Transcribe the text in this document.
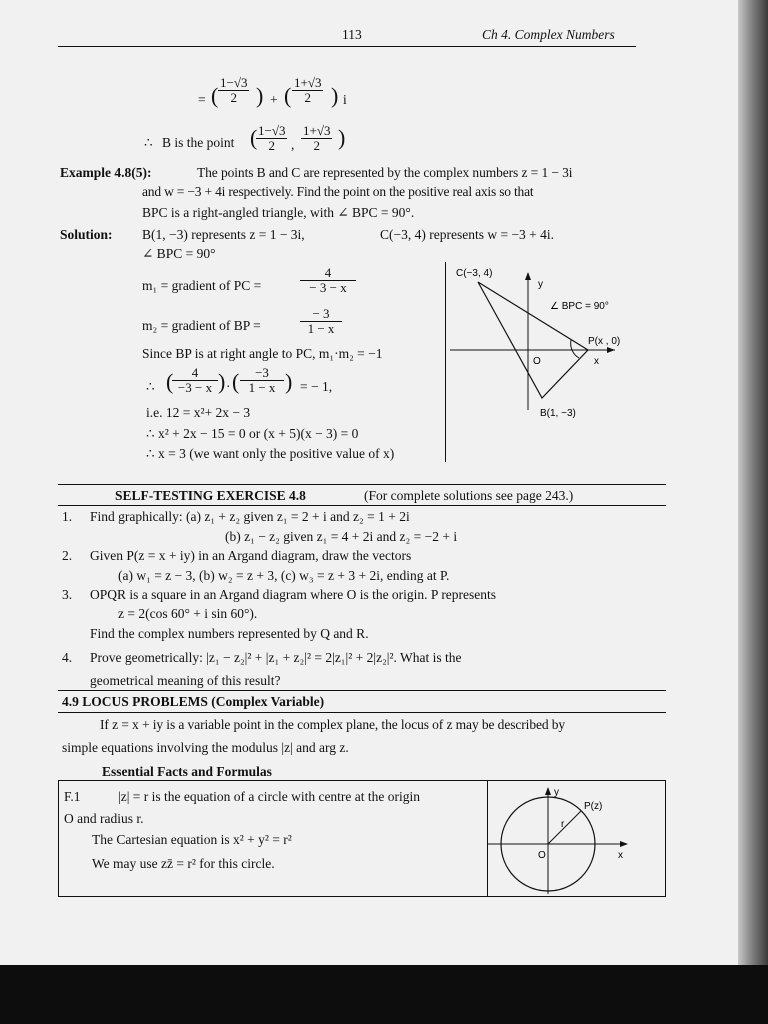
113	Ch 4. Complex Numbers
= ( $\frac{1-√3}{2}$ ) + ( $\frac{1+√3}{2}$ ) i
∴ B is the point (
$\frac{1-√3}{2}$ , $\frac{1+√3}{2}$ )
Example 4.8(5):	The points B and C are represented by the complex numbers z = 1 − 3i
and w = −3 + 4i respectively. Find the point on the positive real axis so that
BPC is a right-angled triangle, with ∠ BPC = 90°.
Solution: B(1, −3) represents z = 1 − 3i,	C(−3, 4) represents w = −3 + 4i.
∠ BPC = 90°
m₁ = gradient of PC =	$\frac{4}{- 3 - x}$
m₂ = gradient of BP =	$\frac{- 3}{1 - x}$
Since BP is at right angle to PC, m₁·m₂ = −1
∴ (
$\frac{4}{-3 - x}$ ) · ( $\frac{-3}{1 - x}$ ) = − 1,
i.e. 12 = x²+ 2x − 3
∴ x² + 2x − 15 = 0 or (x + 5)(x − 3) = 0
∴ x = 3 (we want only the positive value of x)
C(−3, 4)
y
∠ BPC = 90°
P(x , 0)
O	x
B(1, −3)
SELF-TESTING EXERCISE 4.8	(For complete solutions see page 243.)
1. Find graphically: (a) z₁ + z₂ given z₁ = 2 + i and z₂ = 1 + 2i
(b) z₁ − z₂ given z₁ = 4 + 2i and z₂ = −2 + i
2. Given P(z = x + iy) in an Argand diagram, draw the vectors
(a) w₁ = z − 3, (b) w₂ = z + 3, (c) w₃ = z + 3 + 2i, ending at P.
3. OPQR is a square in an Argand diagram where O is the origin. P represents
z = 2(cos 60° + i sin 60°).
Find the complex numbers represented by Q and R.
4. Prove geometrically: |z₁ − z₂|² + |z₁ + z₂|² = 2|z₁|² + 2|z₂|². What is the
geometrical meaning of this result?
4.9 LOCUS PROBLEMS (Complex Variable)
If z = x + iy is a variable point in the complex plane, the locus of z may be described by
simple equations involving the modulus |z| and arg z.
Essential Facts and Formulas
F.1	|z| = r is the equation of a circle with centre at the origin
O and radius r.
The Cartesian equation is x² + y² = r²
We may use zz̄ = r² for this circle.
y
P(z)
r
O	x
